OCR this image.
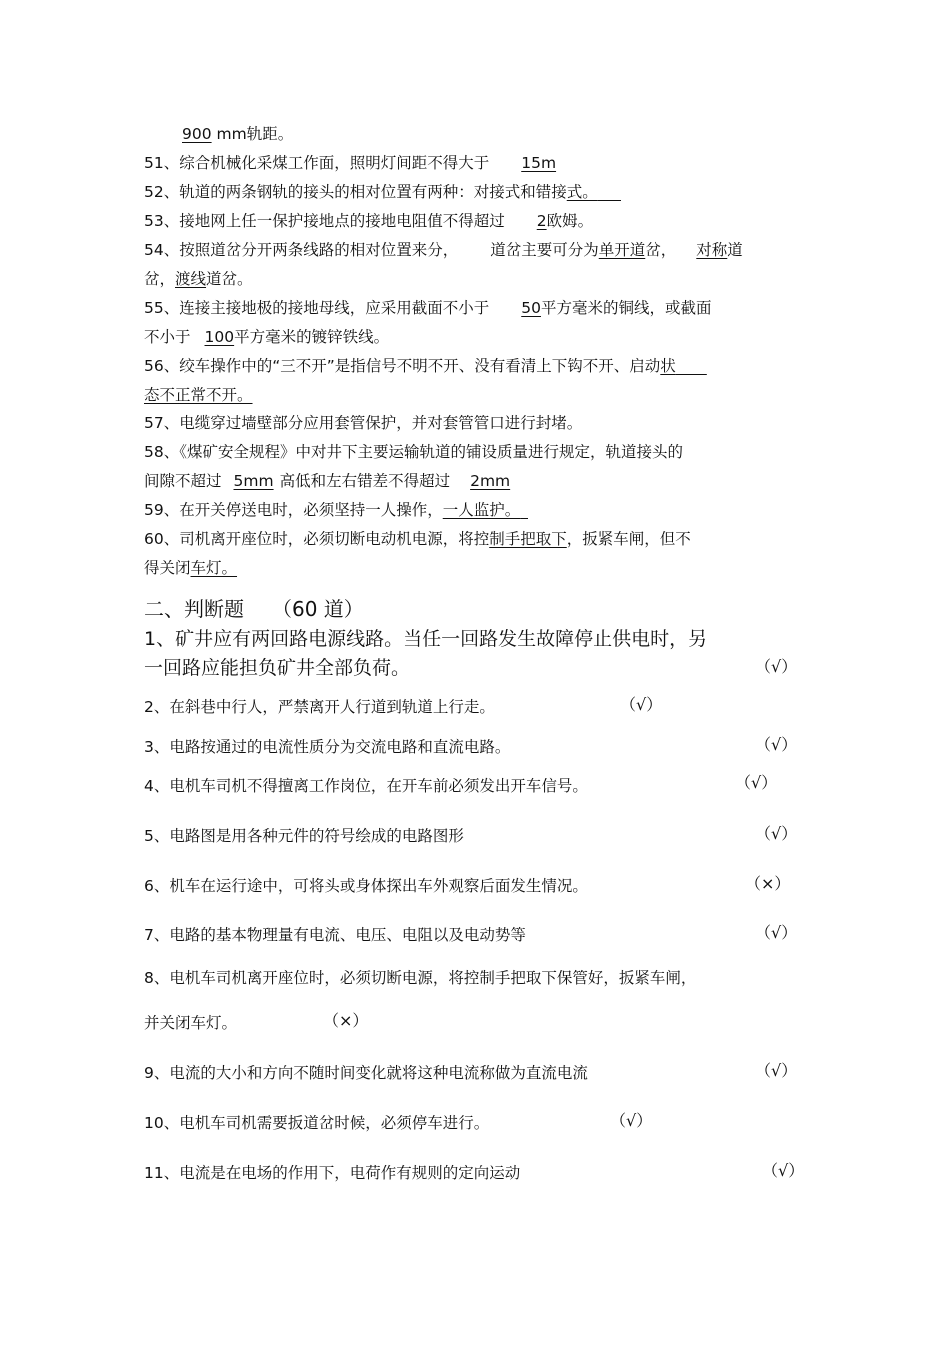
900 mm轨距。
51、综合机械化采煤工作面，照明灯间距不得大于 15m
52、轨道的两条钢轨的接头的相对位置有两种：对接式和错接式。  
53、接地网上任一保护接地点的接地电阻值不得超过 2欧姆。
54、按照道岔分开两条线路的相对位置来分， 道岔主要可分为单开道岔， 对称道
岔，渡线道岔。
55、连接主接地极的接地母线，应采用截面不小于 50平方毫米的铜线，或截面
不小于 100平方毫米的镀锌铁线。
56、绞车操作中的“三不开”是指信号不明不开、没有看清上下钩不开、启动状  
态不正常不开。
57、电缆穿过墙壁部分应用套管保护，并对套管管口进行封堵。
58、《煤矿安全规程》中对井下主要运输轨道的铺设质量进行规定，轨道接头的
间隙不超过 5mm 高低和左右错差不得超过 2mm
59、在开关停送电时，必须坚持一人操作，一人监护。 
60、司机离开座位时，必须切断电动机电源，将控制手把取下，扳紧车闸，但不
得关闭车灯。
二、判断题 （60 道）
1、矿井应有两回路电源线路。当任一回路发生故障停止供电时，另
一回路应能担负矿井全部负荷。	（√）
2、在斜巷中行人，严禁离开人行道到轨道上行走。	（√）
3、电路按通过的电流性质分为交流电路和直流电路。	（√）
4、电机车司机不得擅离工作岗位，在开车前必须发出开车信号。	（√）
5、电路图是用各种元件的符号绘成的电路图形	（√）
6、机车在运行途中，可将头或身体探出车外观察后面发生情况。	（×）
7、电路的基本物理量有电流、电压、电阻以及电动势等	（√）
8、电机车司机离开座位时，必须切断电源，将控制手把取下保管好，扳紧车闸，
并关闭车灯。	（×）
9、电流的大小和方向不随时间变化就将这种电流称做为直流电流	（√）
10、电机车司机需要扳道岔时候，必须停车进行。	（√）
11、电流是在电场的作用下，电荷作有规则的定向运动	（√）
